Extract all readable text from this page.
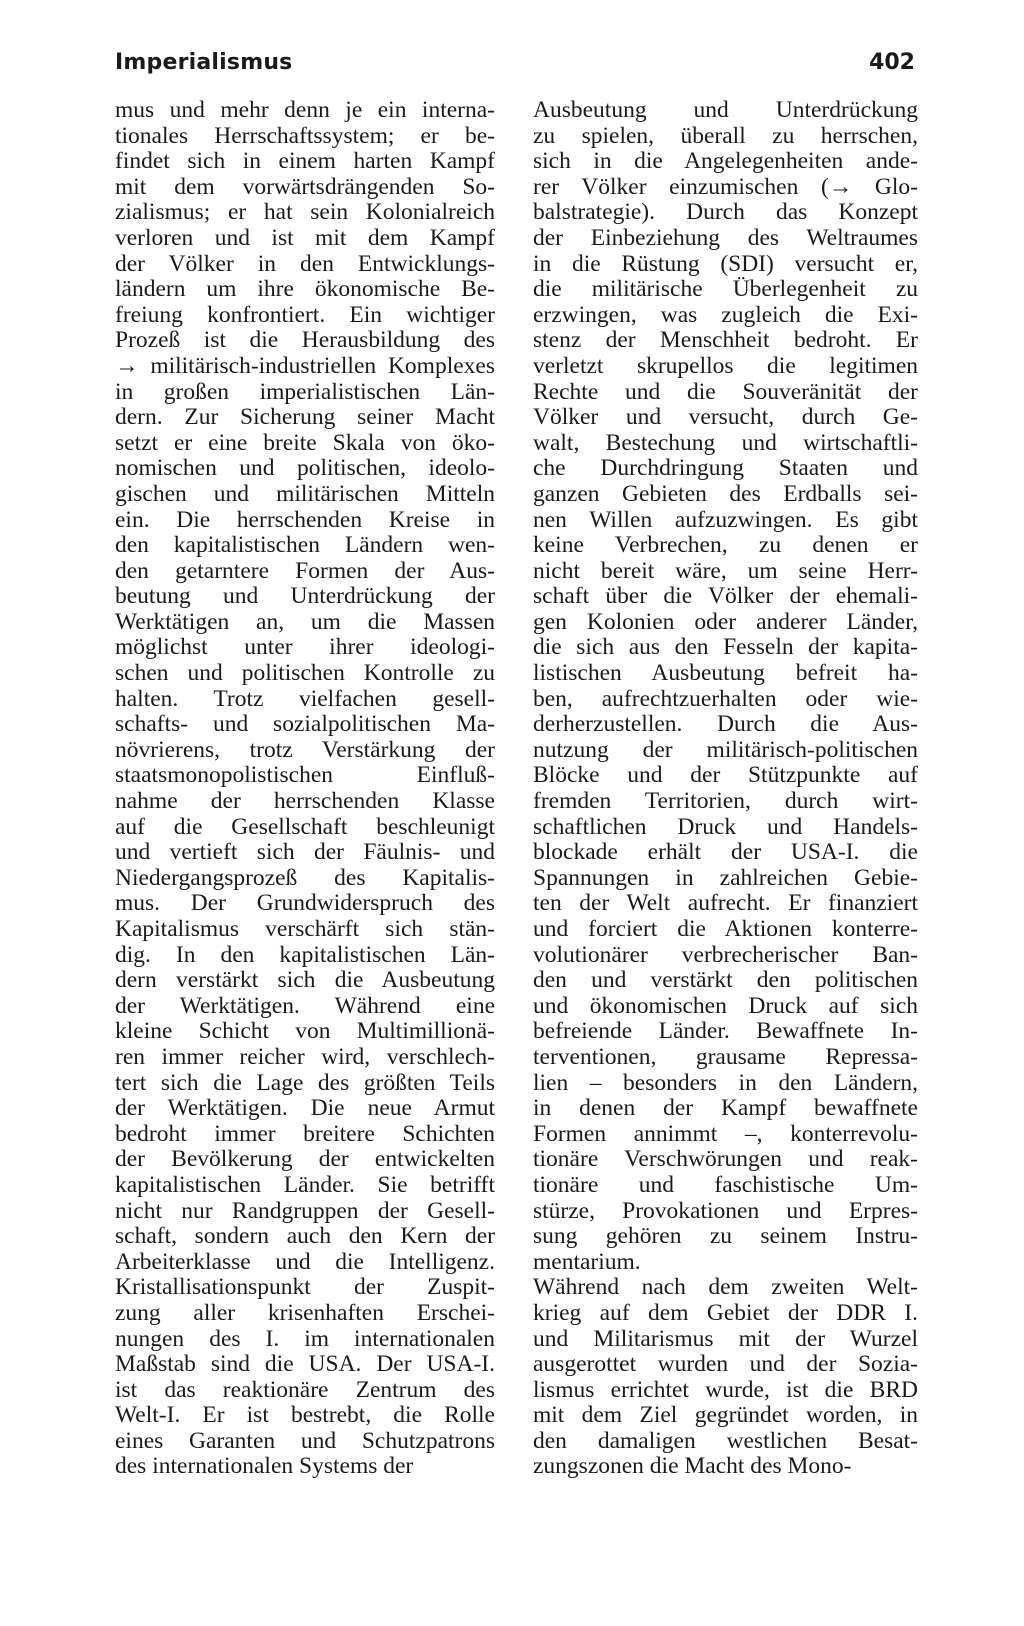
Imperialismus	402
mus und mehr denn je ein interna-
tionales Herrschaftssystem; er be-
findet sich in einem harten Kampf
mit dem vorwärtsdrängenden So-
zialismus; er hat sein Kolonialreich
verloren und ist mit dem Kampf
der Völker in den Entwicklungs-
ländern um ihre ökonomische Be-
freiung konfrontiert. Ein wichtiger
Prozeß ist die Herausbildung des
→ militärisch-industriellen Komplexes
in großen imperialistischen Län-
dern. Zur Sicherung seiner Macht
setzt er eine breite Skala von öko-
nomischen und politischen, ideolo-
gischen und militärischen Mitteln
ein. Die herrschenden Kreise in
den kapitalistischen Ländern wen-
den getarntere Formen der Aus-
beutung und Unterdrückung der
Werktätigen an, um die Massen
möglichst unter ihrer ideologi-
schen und politischen Kontrolle zu
halten. Trotz vielfachen gesell-
schafts- und sozialpolitischen Ma-
növrierens, trotz Verstärkung der
staatsmonopolistischen Einfluß-
nahme der herrschenden Klasse
auf die Gesellschaft beschleunigt
und vertieft sich der Fäulnis- und
Niedergangsprozeß des Kapitalis-
mus. Der Grundwiderspruch des
Kapitalismus verschärft sich stän-
dig. In den kapitalistischen Län-
dern verstärkt sich die Ausbeutung
der Werktätigen. Während eine
kleine Schicht von Multimillionä-
ren immer reicher wird, verschlech-
tert sich die Lage des größten Teils
der Werktätigen. Die neue Armut
bedroht immer breitere Schichten
der Bevölkerung der entwickelten
kapitalistischen Länder. Sie betrifft
nicht nur Randgruppen der Gesell-
schaft, sondern auch den Kern der
Arbeiterklasse und die Intelligenz.
Kristallisationspunkt der Zuspit-
zung aller krisenhaften Erschei-
nungen des I. im internationalen
Maßstab sind die USA. Der USA-I.
ist das reaktionäre Zentrum des
Welt-I. Er ist bestrebt, die Rolle
eines Garanten und Schutzpatrons
des internationalen Systems der
Ausbeutung und Unterdrückung
zu spielen, überall zu herrschen,
sich in die Angelegenheiten ande-
rer Völker einzumischen (→ Glo-
balstrategie). Durch das Konzept
der Einbeziehung des Weltraumes
in die Rüstung (SDI) versucht er,
die militärische Überlegenheit zu
erzwingen, was zugleich die Exi-
stenz der Menschheit bedroht. Er
verletzt skrupellos die legitimen
Rechte und die Souveränität der
Völker und versucht, durch Ge-
walt, Bestechung und wirtschaftli-
che Durchdringung Staaten und
ganzen Gebieten des Erdballs sei-
nen Willen aufzuzwingen. Es gibt
keine Verbrechen, zu denen er
nicht bereit wäre, um seine Herr-
schaft über die Völker der ehemali-
gen Kolonien oder anderer Länder,
die sich aus den Fesseln der kapita-
listischen Ausbeutung befreit ha-
ben, aufrechtzuerhalten oder wie-
derherzustellen. Durch die Aus-
nutzung der militärisch-politischen
Blöcke und der Stützpunkte auf
fremden Territorien, durch wirt-
schaftlichen Druck und Handels-
blockade erhält der USA-I. die
Spannungen in zahlreichen Gebie-
ten der Welt aufrecht. Er finanziert
und forciert die Aktionen konterre-
volutionärer verbrecherischer Ban-
den und verstärkt den politischen
und ökonomischen Druck auf sich
befreiende Länder. Bewaffnete In-
terventionen, grausame Repressa-
lien – besonders in den Ländern,
in denen der Kampf bewaffnete
Formen annimmt –, konterrevolu-
tionäre Verschwörungen und reak-
tionäre und faschistische Um-
stürze, Provokationen und Erpres-
sung gehören zu seinem Instru-
mentarium.
Während nach dem zweiten Welt-
krieg auf dem Gebiet der DDR I.
und Militarismus mit der Wurzel
ausgerottet wurden und der Sozia-
lismus errichtet wurde, ist die BRD
mit dem Ziel gegründet worden, in
den damaligen westlichen Besat-
zungszonen die Macht des Mono-
